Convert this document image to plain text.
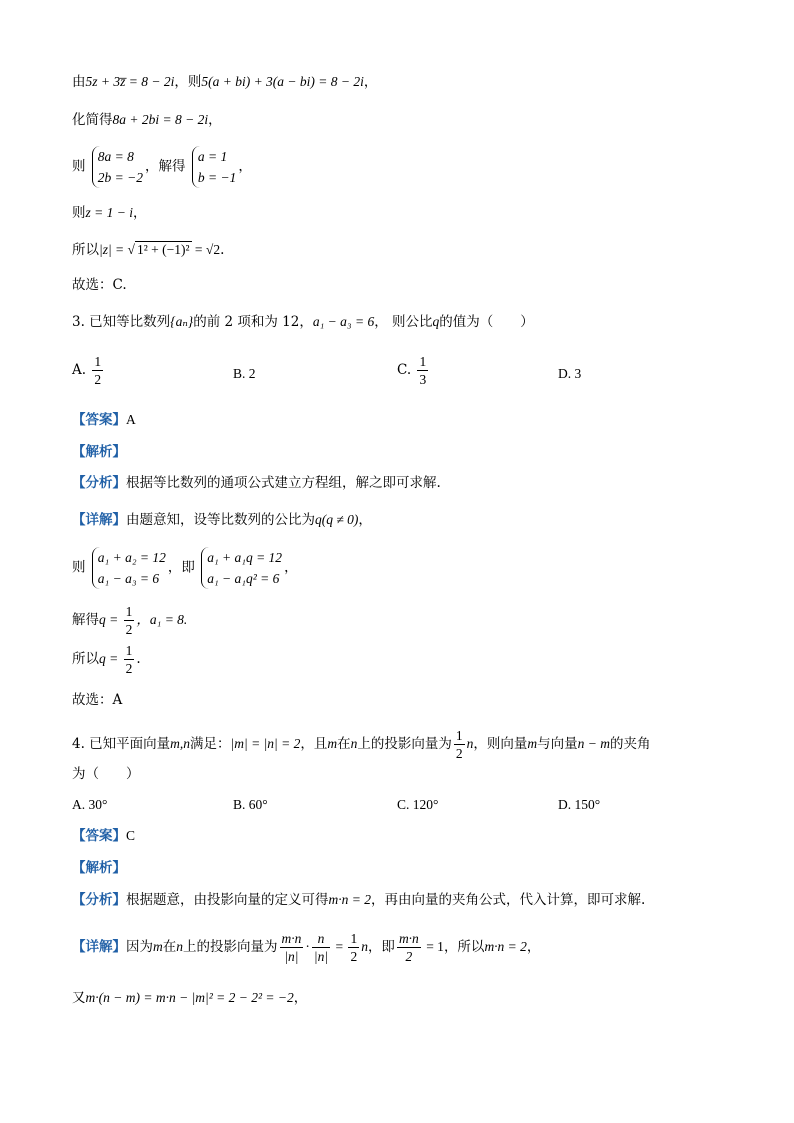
由5z + 3z̅ = 8 − 2i，则5(a + bi) + 3(a − bi) = 8 − 2i，
化简得8a + 2bi = 8 − 2i，
则
8a = 8
2b = −2
，解得
a = 1
b = −1
，
则z = 1 − i，
所以|z| = √ 1² + (−1)² = √2.
故选：C.
3. 已知等比数列{aₙ}的前 2 项和为 12，a₁ − a₃ = 6， 则公比q的值为（　　）
A. $\frac{1}{2}$	B. 2	C. $\frac{1}{3}$	D. 3
【答案】A
【解析】
【分析】根据等比数列的通项公式建立方程组，解之即可求解.
【详解】由题意知，设等比数列的公比为q(q ≠ 0)，
则
a₁ + a₂ = 12
a₁ − a₃ = 6
，即
a₁ + a₁q = 12
a₁ − a₁q² = 6
，
解得$q = \frac{1}{2}$ ，a₁ = 8.
所以$q = \frac{1}{2}$ .
故选：A
4. 已知平面向量m,n满足：|m| = |n| = 2，且m在n上的投影向量为 $\frac{1}{2}$ n，则向量m与向量n − m的夹角
为（　　）
A. 30°	B. 60°	C. 120°	D. 150°
【答案】C
【解析】
【分析】根据题意，由投影向量的定义可得m·n = 2，再由向量的夹角公式，代入计算，即可求解.
【详解】因为m在n上的投影向量为 $\frac{m\cdot n}{|n|} \cdot \frac{n}{|n|} = \frac{1}{2}$ n，即 $\frac{m\cdot n}{2} = 1$，所以m·n = 2，
又m·(n − m) = m·n − |m|² = 2 − 2² = −2，
